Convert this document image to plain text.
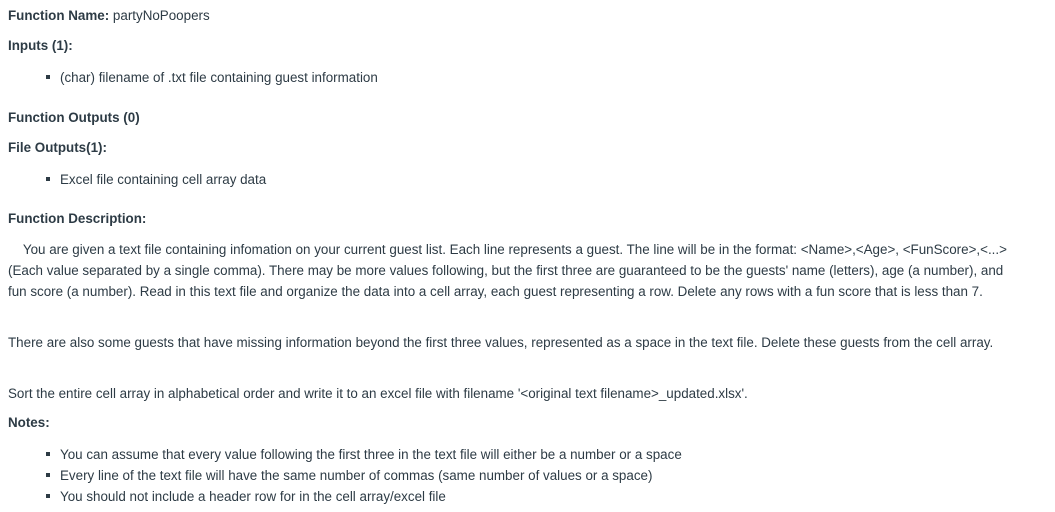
Function Name: partyNoPoopers
Inputs (1):
(char) filename of .txt file containing guest information
Function Outputs (0)
File Outputs(1):
Excel file containing cell array data
Function Description:
You are given a text file containing infomation on your current guest list. Each line represents a guest. The line will be in the format: <Name>,<Age>, <FunScore>,<...> (Each value separated by a single comma). There may be more values following, but the first three are guaranteed to be the guests' name (letters), age (a number), and fun score (a number). Read in this text file and organize the data into a cell array, each guest representing a row. Delete any rows with a fun score that is less than 7.
There are also some guests that have missing information beyond the first three values, represented as a space in the text file. Delete these guests from the cell array.
Sort the entire cell array in alphabetical order and write it to an excel file with filename '<original text filename>_updated.xlsx'.
Notes:
You can assume that every value following the first three in the text file will either be a number or a space
Every line of the text file will have the same number of commas (same number of values or a space)
You should not include a header row for in the cell array/excel file
